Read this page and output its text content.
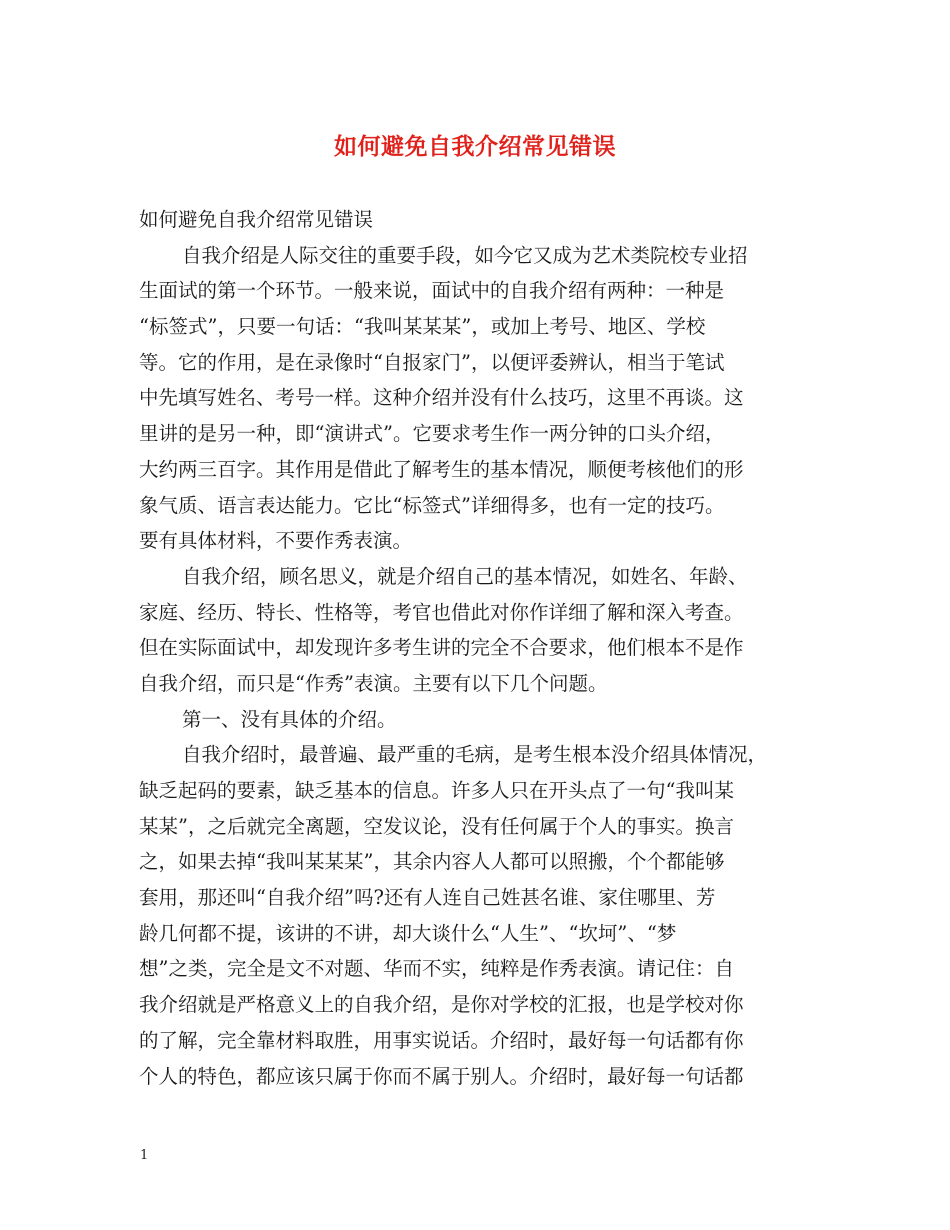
如何避免自我介绍常见错误
如何避免自我介绍常见错误
自我介绍是人际交往的重要手段，如今它又成为艺术类院校专业招
生面试的第一个环节。一般来说，面试中的自我介绍有两种：一种是
“标签式”，只要一句话：“我叫某某某”，或加上考号、地区、学校
等。它的作用，是在录像时“自报家门”，以便评委辨认，相当于笔试
中先填写姓名、考号一样。这种介绍并没有什么技巧，这里不再谈。这
里讲的是另一种，即“演讲式”。它要求考生作一两分钟的口头介绍，
大约两三百字。其作用是借此了解考生的基本情况，顺便考核他们的形
象气质、语言表达能力。它比“标签式”详细得多，也有一定的技巧。
要有具体材料，不要作秀表演。
自我介绍，顾名思义，就是介绍自己的基本情况，如姓名、年龄、
家庭、经历、特长、性格等，考官也借此对你作详细了解和深入考查。
但在实际面试中，却发现许多考生讲的完全不合要求，他们根本不是作
自我介绍，而只是“作秀”表演。主要有以下几个问题。
第一、没有具体的介绍。
自我介绍时，最普遍、最严重的毛病，是考生根本没介绍具体情况，
缺乏起码的要素，缺乏基本的信息。许多人只在开头点了一句“我叫某
某某”，之后就完全离题，空发议论，没有任何属于个人的事实。换言
之，如果去掉“我叫某某某”，其余内容人人都可以照搬，个个都能够
套用，那还叫“自我介绍”吗?还有人连自己姓甚名谁、家住哪里、芳
龄几何都不提，该讲的不讲，却大谈什么“人生”、“坎坷”、“梦
想”之类，完全是文不对题、华而不实，纯粹是作秀表演。请记住：自
我介绍就是严格意义上的自我介绍，是你对学校的汇报，也是学校对你
的了解，完全靠材料取胜，用事实说话。介绍时，最好每一句话都有你
个人的特色，都应该只属于你而不属于别人。介绍时，最好每一句话都
1
